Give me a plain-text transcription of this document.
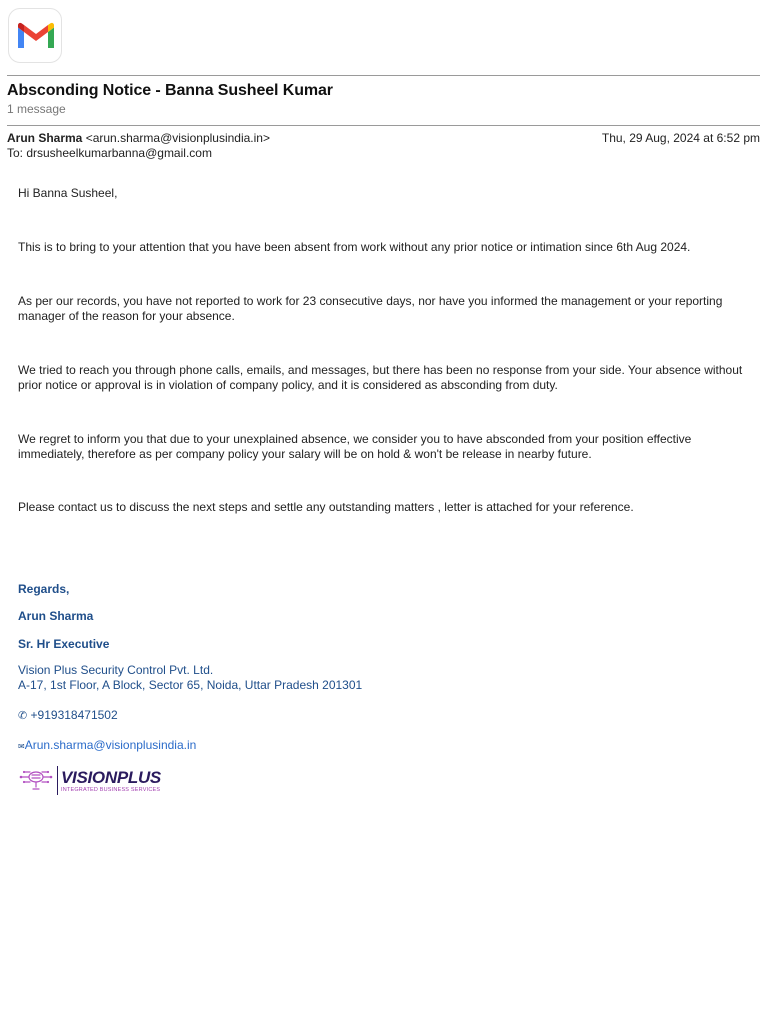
Absconding Notice - Banna Susheel Kumar
1 message
Arun Sharma <arun.sharma@visionplusindia.in>	Thu, 29 Aug, 2024 at 6:52 pm
To: drsusheelkumarbanna@gmail.com
Hi Banna Susheel,
This is to bring to your attention that you have been absent from work without any prior notice or intimation since 6th Aug 2024.
As per our records, you have not reported to work for 23 consecutive days, nor have you informed the management or your reporting manager of the reason for your absence.
We tried to reach you through phone calls, emails, and messages, but there has been no response from your side. Your absence without prior notice or approval is in violation of company policy, and it is considered as absconding from duty.
We regret to inform you that due to your unexplained absence, we consider you to have absconded from your position effective immediately, therefore as per company policy your salary will be on hold & won't be release in nearby future.
Please contact us to discuss the next steps and settle any outstanding matters , letter is attached for your reference.
Regards,
Arun Sharma
Sr. Hr Executive
Vision Plus Security Control Pvt. Ltd.
A-17, 1st Floor, A Block, Sector 65, Noida, Uttar Pradesh 201301
✆ +919318471502
✉Arun.sharma@visionplusindia.in
VISIONPLUS
INTEGRATED BUSINESS SERVICES
